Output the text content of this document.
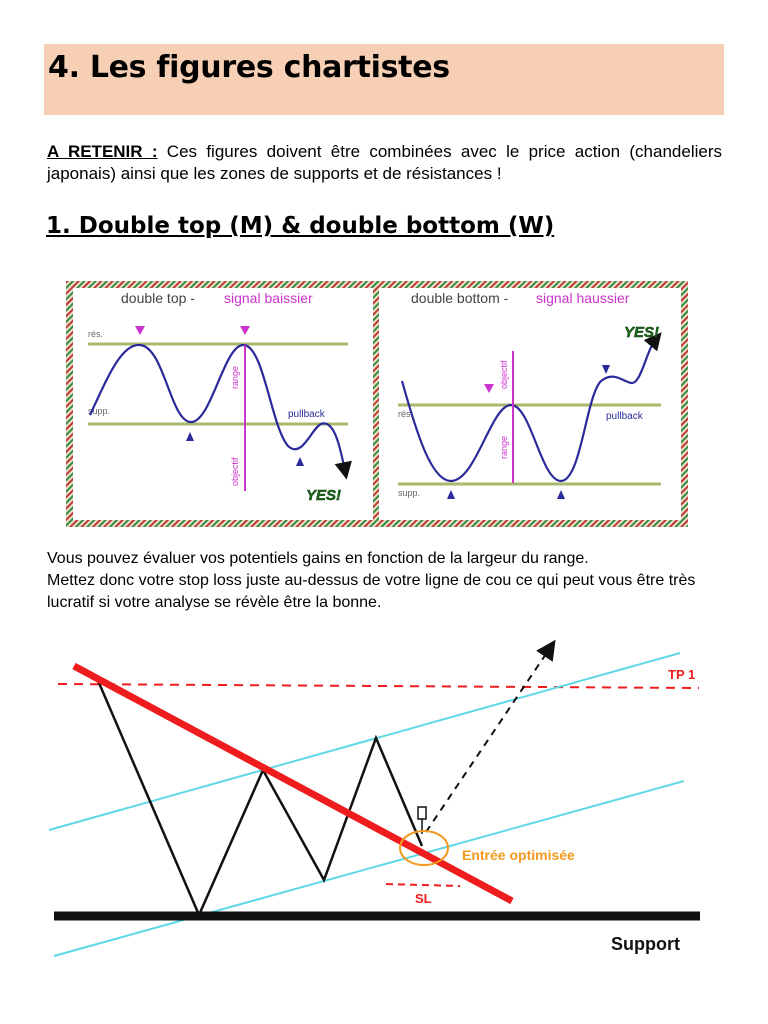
4. Les figures chartistes
A RETENIR : Ces figures doivent être combinées avec le price action (chandeliers japonais) ainsi que les zones de supports et de résistances !
1. Double top (M) & double bottom (W)
double top - signal baissier
rés.
supp.
range
objectif
pullback
YES!
double bottom - signal haussier
rés.
supp.
objectif
range
pullback
YES!

Vous pouvez évaluer vos potentiels gains en fonction de la largeur du range.

Mettez donc votre stop loss juste au-dessus de votre ligne de cou ce qui peut vous être très lucratif si votre analyse se révèle être la bonne.

TP 1
Entrée optimisée
SL
Support
